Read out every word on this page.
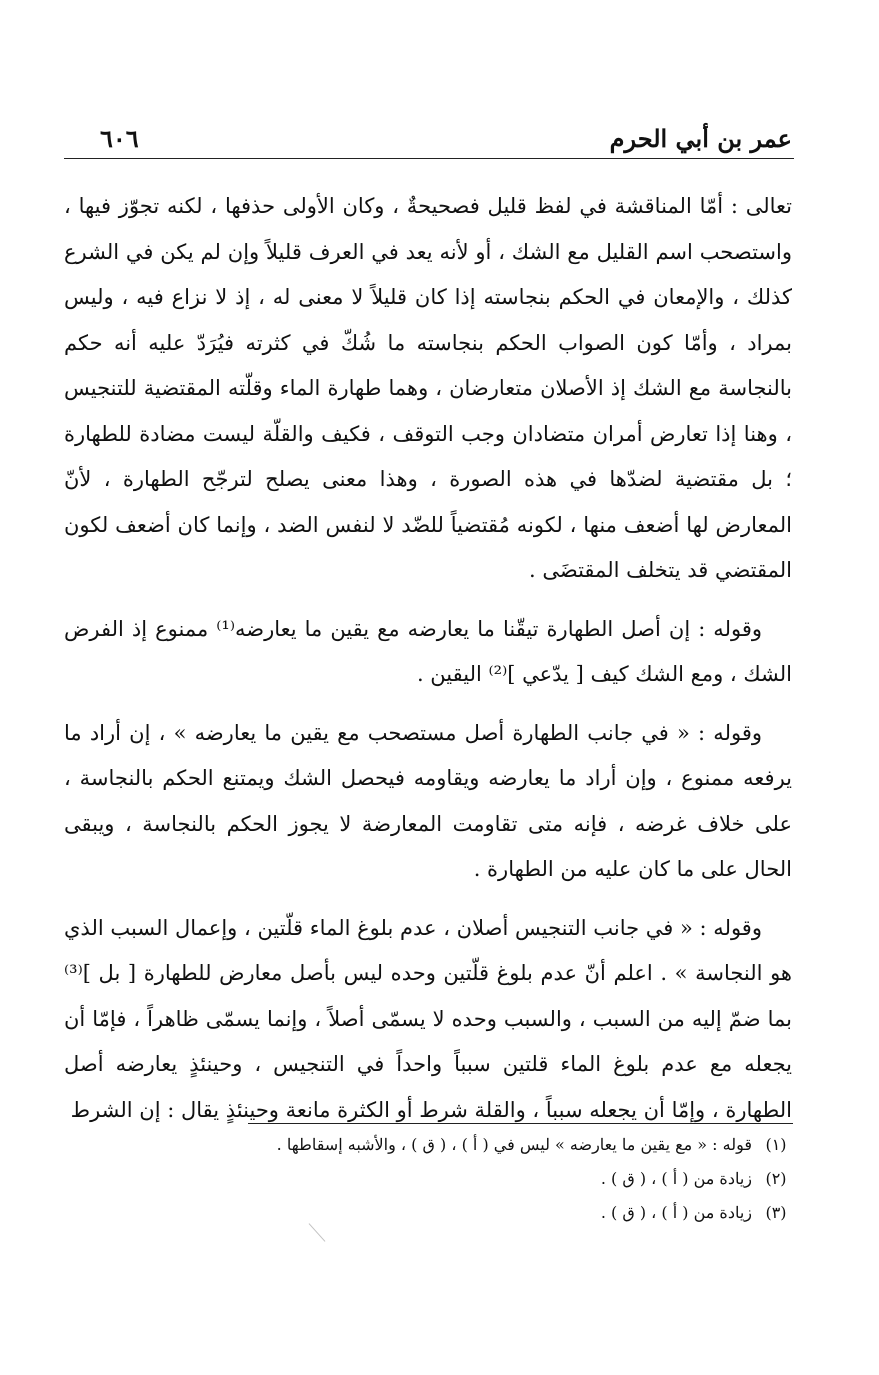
عمر بن أبي الحرم
٦٠٦

تعالى : أمّا المناقشة في لفظ قليل فصحيحةٌ ، وكان الأولى حذفها ، لكنه تجوّز فيها ، واستصحب اسم القليل مع الشك ، أو لأنه يعد في العرف قليلاً وإن لم يكن في الشرع كذلك ، والإمعان في الحكم بنجاسته إذا كان قليلاً لا معنى له ، إذ لا نزاع فيه ، وليس بمراد ، وأمّا كون الصواب الحكم بنجاسته ما شُكّ في كثرته فيُرَدّ عليه أنه حكم بالنجاسة مع الشك إذ الأصلان متعارضان ، وهما طهارة الماء وقلّته المقتضية للتنجيس ، وهنا إذا تعارض أمران متضادان وجب التوقف ، فكيف والقلّة ليست مضادة للطهارة ؛ بل مقتضية لضدّها في هذه الصورة ، وهذا معنى يصلح لترجّح الطهارة ، لأنّ المعارض لها أضعف منها ، لكونه مُقتضياً للضّد لا لنفس الضد ، وإنما كان أضعف لكون المقتضي قد يتخلف المقتضَى .

وقوله : إن أصل الطهارة تيقّنا ما يعارضه مع يقين ما يعارضه⁽¹⁾ ممنوع إذ الفرض الشك ، ومع الشك كيف [ يدّعي ]⁽²⁾ اليقين .

وقوله : « في جانب الطهارة أصل مستصحب مع يقين ما يعارضه » ، إن أراد ما يرفعه ممنوع ، وإن أراد ما يعارضه ويقاومه فيحصل الشك ويمتنع الحكم بالنجاسة ، على خلاف غرضه ، فإنه متى تقاومت المعارضة لا يجوز الحكم بالنجاسة ، ويبقى الحال على ما كان عليه من الطهارة .

وقوله : « في جانب التنجيس أصلان ، عدم بلوغ الماء قلّتين ، وإعمال السبب الذي هو النجاسة » . اعلم أنّ عدم بلوغ قلّتين وحده ليس بأصل معارض للطهارة [ بل ]⁽³⁾ بما ضمّ إليه من السبب ، والسبب وحده لا يسمّى أصلاً ، وإنما يسمّى ظاهراً ، فإمّا أن يجعله مع عدم بلوغ الماء قلتين سبباً واحداً في التنجيس ، وحينئذٍ يعارضه أصل الطهارة ، وإمّا أن يجعله سبباً ، والقلة شرط أو الكثرة مانعة وحينئذٍ يقال : إن الشرط

(١)
قوله : « مع يقين ما يعارضه » ليس في ( أ ) ، ( ق ) ، والأشبه إسقاطها .
(٢)
زيادة من ( أ ) ، ( ق ) .
(٣)
زيادة من ( أ ) ، ( ق ) .
